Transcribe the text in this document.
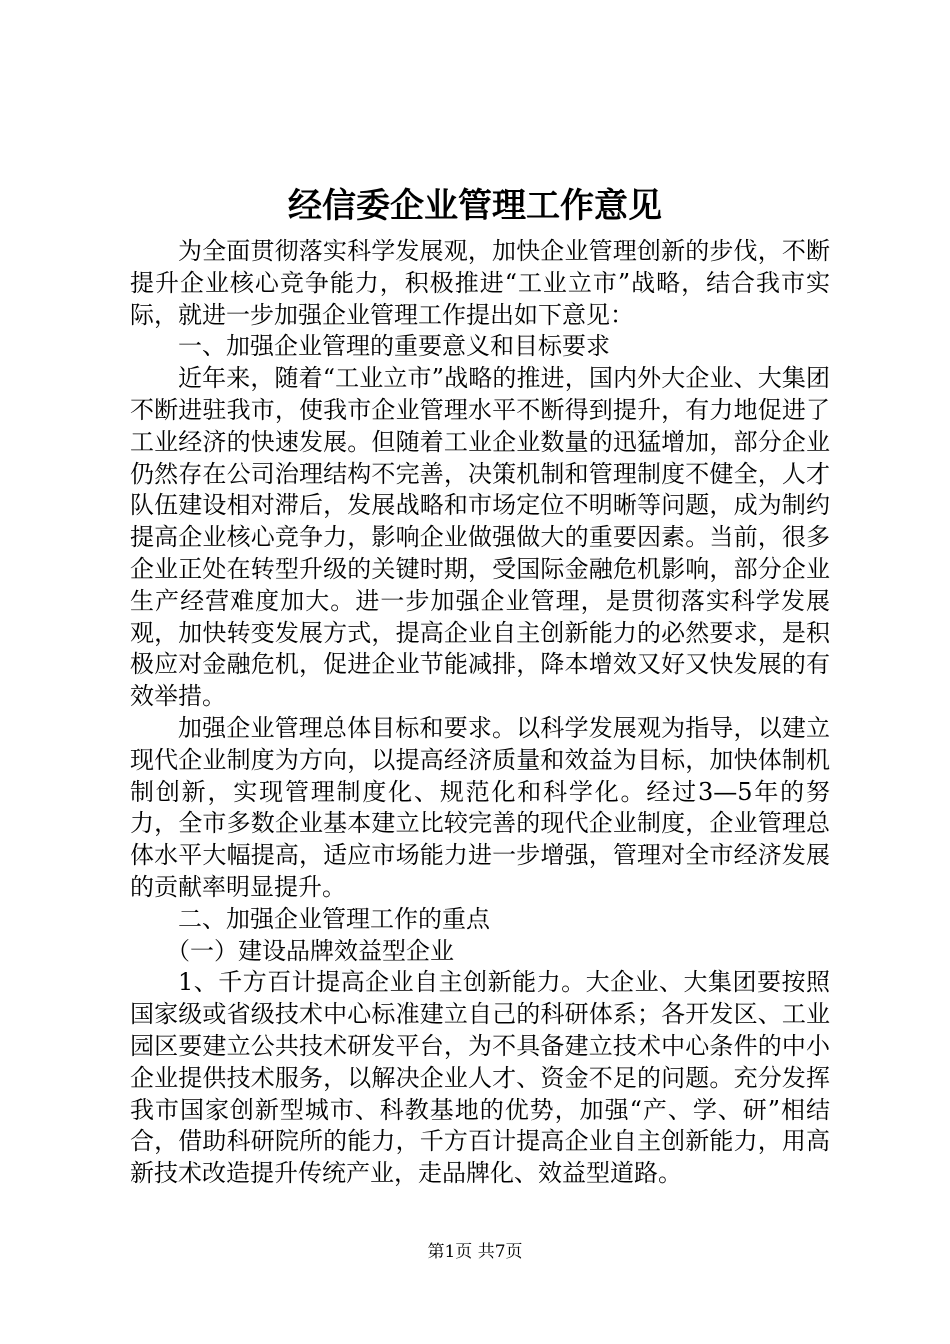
经信委企业管理工作意见

为全面贯彻落实科学发展观，加快企业管理创新的步伐，不断提升企业核心竞争能力，积极推进“工业立市”战略，结合我市实际，就进一步加强企业管理工作提出如下意见：

一、加强企业管理的重要意义和目标要求

近年来，随着“工业立市”战略的推进，国内外大企业、大集团不断进驻我市，使我市企业管理水平不断得到提升，有力地促进了工业经济的快速发展。但随着工业企业数量的迅猛增加，部分企业仍然存在公司治理结构不完善，决策机制和管理制度不健全，人才队伍建设相对滞后，发展战略和市场定位不明晰等问题，成为制约提高企业核心竞争力，影响企业做强做大的重要因素。当前，很多企业正处在转型升级的关键时期，受国际金融危机影响，部分企业生产经营难度加大。进一步加强企业管理，是贯彻落实科学发展观，加快转变发展方式，提高企业自主创新能力的必然要求，是积极应对金融危机，促进企业节能减排，降本增效又好又快发展的有效举措。

加强企业管理总体目标和要求。以科学发展观为指导，以建立现代企业制度为方向，以提高经济质量和效益为目标，加快体制机制创新，实现管理制度化、规范化和科学化。经过3—5年的努力，全市多数企业基本建立比较完善的现代企业制度，企业管理总体水平大幅提高，适应市场能力进一步增强，管理对全市经济发展的贡献率明显提升。

二、加强企业管理工作的重点

（一）建设品牌效益型企业

1、千方百计提高企业自主创新能力。大企业、大集团要按照国家级或省级技术中心标准建立自己的科研体系；各开发区、工业园区要建立公共技术研发平台，为不具备建立技术中心条件的中小企业提供技术服务，以解决企业人才、资金不足的问题。充分发挥我市国家创新型城市、科教基地的优势，加强“产、学、研”相结合，借助科研院所的能力，千方百计提高企业自主创新能力，用高新技术改造提升传统产业，走品牌化、效益型道路。

第1页 共7页
